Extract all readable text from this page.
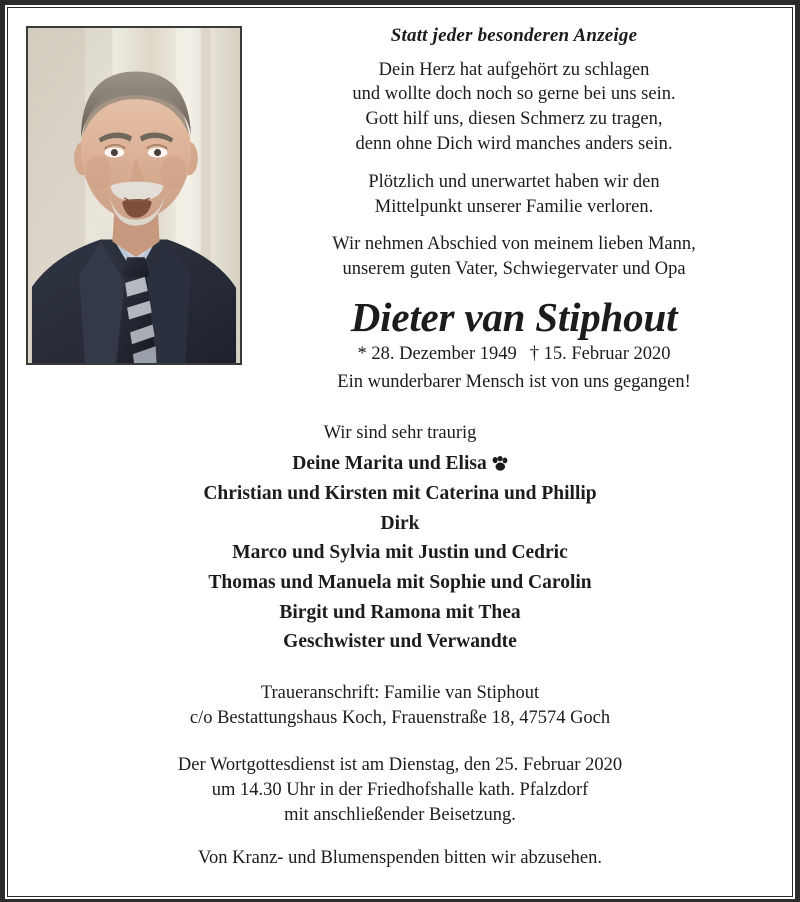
Statt jeder besonderen Anzeige
Dein Herz hat aufgehört zu schlagen
und wollte doch noch so gerne bei uns sein.
Gott hilf uns, diesen Schmerz zu tragen,
denn ohne Dich wird manches anders sein.
Plötzlich und unerwartet haben wir den
Mittelpunkt unserer Familie verloren.
Wir nehmen Abschied von meinem lieben Mann,
unserem guten Vater, Schwiegervater und Opa
Dieter van Stiphout
* 28. Dezember 1949 † 15. Februar 2020
Ein wunderbarer Mensch ist von uns gegangen!
Wir sind sehr traurig
Deine Marita und Elisa
Christian und Kirsten mit Caterina und Phillip
Dirk
Marco und Sylvia mit Justin und Cedric
Thomas und Manuela mit Sophie und Carolin
Birgit und Ramona mit Thea
Geschwister und Verwandte
Traueranschrift: Familie van Stiphout
c/o Bestattungshaus Koch, Frauenstraße 18, 47574 Goch
Der Wortgottesdienst ist am Dienstag, den 25. Februar 2020
um 14.30 Uhr in der Friedhofshalle kath. Pfalzdorf
mit anschließender Beisetzung.
Von Kranz- und Blumenspenden bitten wir abzusehen.
